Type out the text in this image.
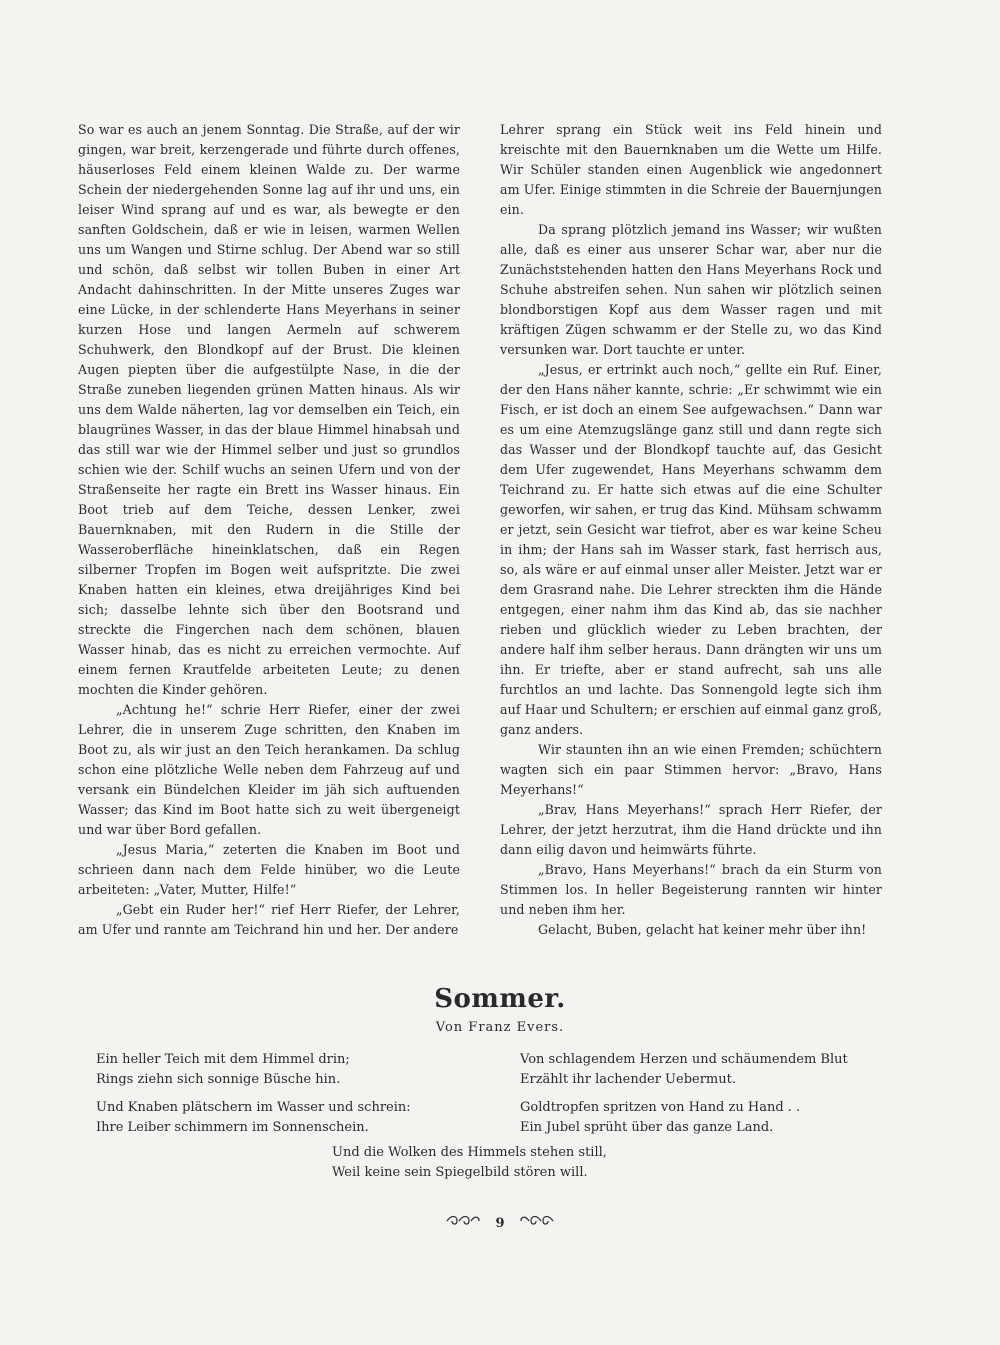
So war es auch an jenem Sonntag. Die Straße, auf der wir gingen, war breit, kerzengerade und führte durch offenes, häuserloses Feld einem kleinen Walde zu. Der warme Schein der niedergehenden Sonne lag auf ihr und uns, ein leiser Wind sprang auf und es war, als bewegte er den sanften Goldschein, daß er wie in leisen, warmen Wellen uns um Wangen und Stirne schlug. Der Abend war so still und schön, daß selbst wir tollen Buben in einer Art Andacht dahinschritten. In der Mitte unseres Zuges war eine Lücke, in der schlenderte Hans Meyerhans in seiner kurzen Hose und langen Aermeln auf schwerem Schuhwerk, den Blondkopf auf der Brust. Die kleinen Augen piepten über die aufgestülpte Nase, in die der Straße zuneben liegenden grünen Matten hinaus. Als wir uns dem Walde näherten, lag vor demselben ein Teich, ein blaugrünes Wasser, in das der blaue Himmel hinabsah und das still war wie der Himmel selber und just so grundlos schien wie der. Schilf wuchs an seinen Ufern und von der Straßenseite her ragte ein Brett ins Wasser hinaus. Ein Boot trieb auf dem Teiche, dessen Lenker, zwei Bauernknaben, mit den Rudern in die Stille der Wasseroberfläche hineinklatschen, daß ein Regen silberner Tropfen im Bogen weit aufspritzte. Die zwei Knaben hatten ein kleines, etwa dreijähriges Kind bei sich; dasselbe lehnte sich über den Bootsrand und streckte die Fingerchen nach dem schönen, blauen Wasser hinab, das es nicht zu erreichen vermochte. Auf einem fernen Krautfelde arbeiteten Leute; zu denen mochten die Kinder gehören.

„Achtung he!“ schrie Herr Riefer, einer der zwei Lehrer, die in unserem Zuge schritten, den Knaben im Boot zu, als wir just an den Teich herankamen. Da schlug schon eine plötzliche Welle neben dem Fahrzeug auf und versank ein Bündelchen Kleider im jäh sich auftuenden Wasser; das Kind im Boot hatte sich zu weit übergeneigt und war über Bord gefallen.

„Jesus Maria,“ zeterten die Knaben im Boot und schrieen dann nach dem Felde hinüber, wo die Leute arbeiteten: „Vater, Mutter, Hilfe!“

„Gebt ein Ruder her!“ rief Herr Riefer, der Lehrer, am Ufer und rannte am Teichrand hin und her. Der andere

Lehrer sprang ein Stück weit ins Feld hinein und kreischte mit den Bauernknaben um die Wette um Hilfe. Wir Schüler standen einen Augenblick wie angedonnert am Ufer. Einige stimmten in die Schreie der Bauernjungen ein.

Da sprang plötzlich jemand ins Wasser; wir wußten alle, daß es einer aus unserer Schar war, aber nur die Zunächststehenden hatten den Hans Meyerhans Rock und Schuhe abstreifen sehen. Nun sahen wir plötzlich seinen blondborstigen Kopf aus dem Wasser ragen und mit kräftigen Zügen schwamm er der Stelle zu, wo das Kind versunken war. Dort tauchte er unter.

„Jesus, er ertrinkt auch noch,“ gellte ein Ruf. Einer, der den Hans näher kannte, schrie: „Er schwimmt wie ein Fisch, er ist doch an einem See aufgewachsen.“ Dann war es um eine Atemzugslänge ganz still und dann regte sich das Wasser und der Blondkopf tauchte auf, das Gesicht dem Ufer zugewendet, Hans Meyerhans schwamm dem Teichrand zu. Er hatte sich etwas auf die eine Schulter geworfen, wir sahen, er trug das Kind. Mühsam schwamm er jetzt, sein Gesicht war tiefrot, aber es war keine Scheu in ihm; der Hans sah im Wasser stark, fast herrisch aus, so, als wäre er auf einmal unser aller Meister. Jetzt war er dem Grasrand nahe. Die Lehrer streckten ihm die Hände entgegen, einer nahm ihm das Kind ab, das sie nachher rieben und glücklich wieder zu Leben brachten, der andere half ihm selber heraus. Dann drängten wir uns um ihn. Er triefte, aber er stand aufrecht, sah uns alle furchtlos an und lachte. Das Sonnengold legte sich ihm auf Haar und Schultern; er erschien auf einmal ganz groß, ganz anders.

Wir staunten ihn an wie einen Fremden; schüchtern wagten sich ein paar Stimmen hervor: „Bravo, Hans Meyerhans!“

„Brav, Hans Meyerhans!“ sprach Herr Riefer, der Lehrer, der jetzt herzutrat, ihm die Hand drückte und ihn dann eilig davon und heimwärts führte.

„Bravo, Hans Meyerhans!“ brach da ein Sturm von Stimmen los. In heller Begeisterung rannten wir hinter und neben ihm her.

Gelacht, Buben, gelacht hat keiner mehr über ihn!

Sommer.
Von Franz Evers.
Ein heller Teich mit dem Himmel drin;
Rings ziehn sich sonnige Büsche hin.
Und Knaben plätschern im Wasser und schrein:
Ihre Leiber schimmern im Sonnenschein.
Von schlagendem Herzen und schäumendem Blut
Erzählt ihr lachender Uebermut.
Goldtropfen spritzen von Hand zu Hand . .
Ein Jubel sprüht über das ganze Land.
Und die Wolken des Himmels stehen still,
Weil keine sein Spiegelbild stören will.
9
